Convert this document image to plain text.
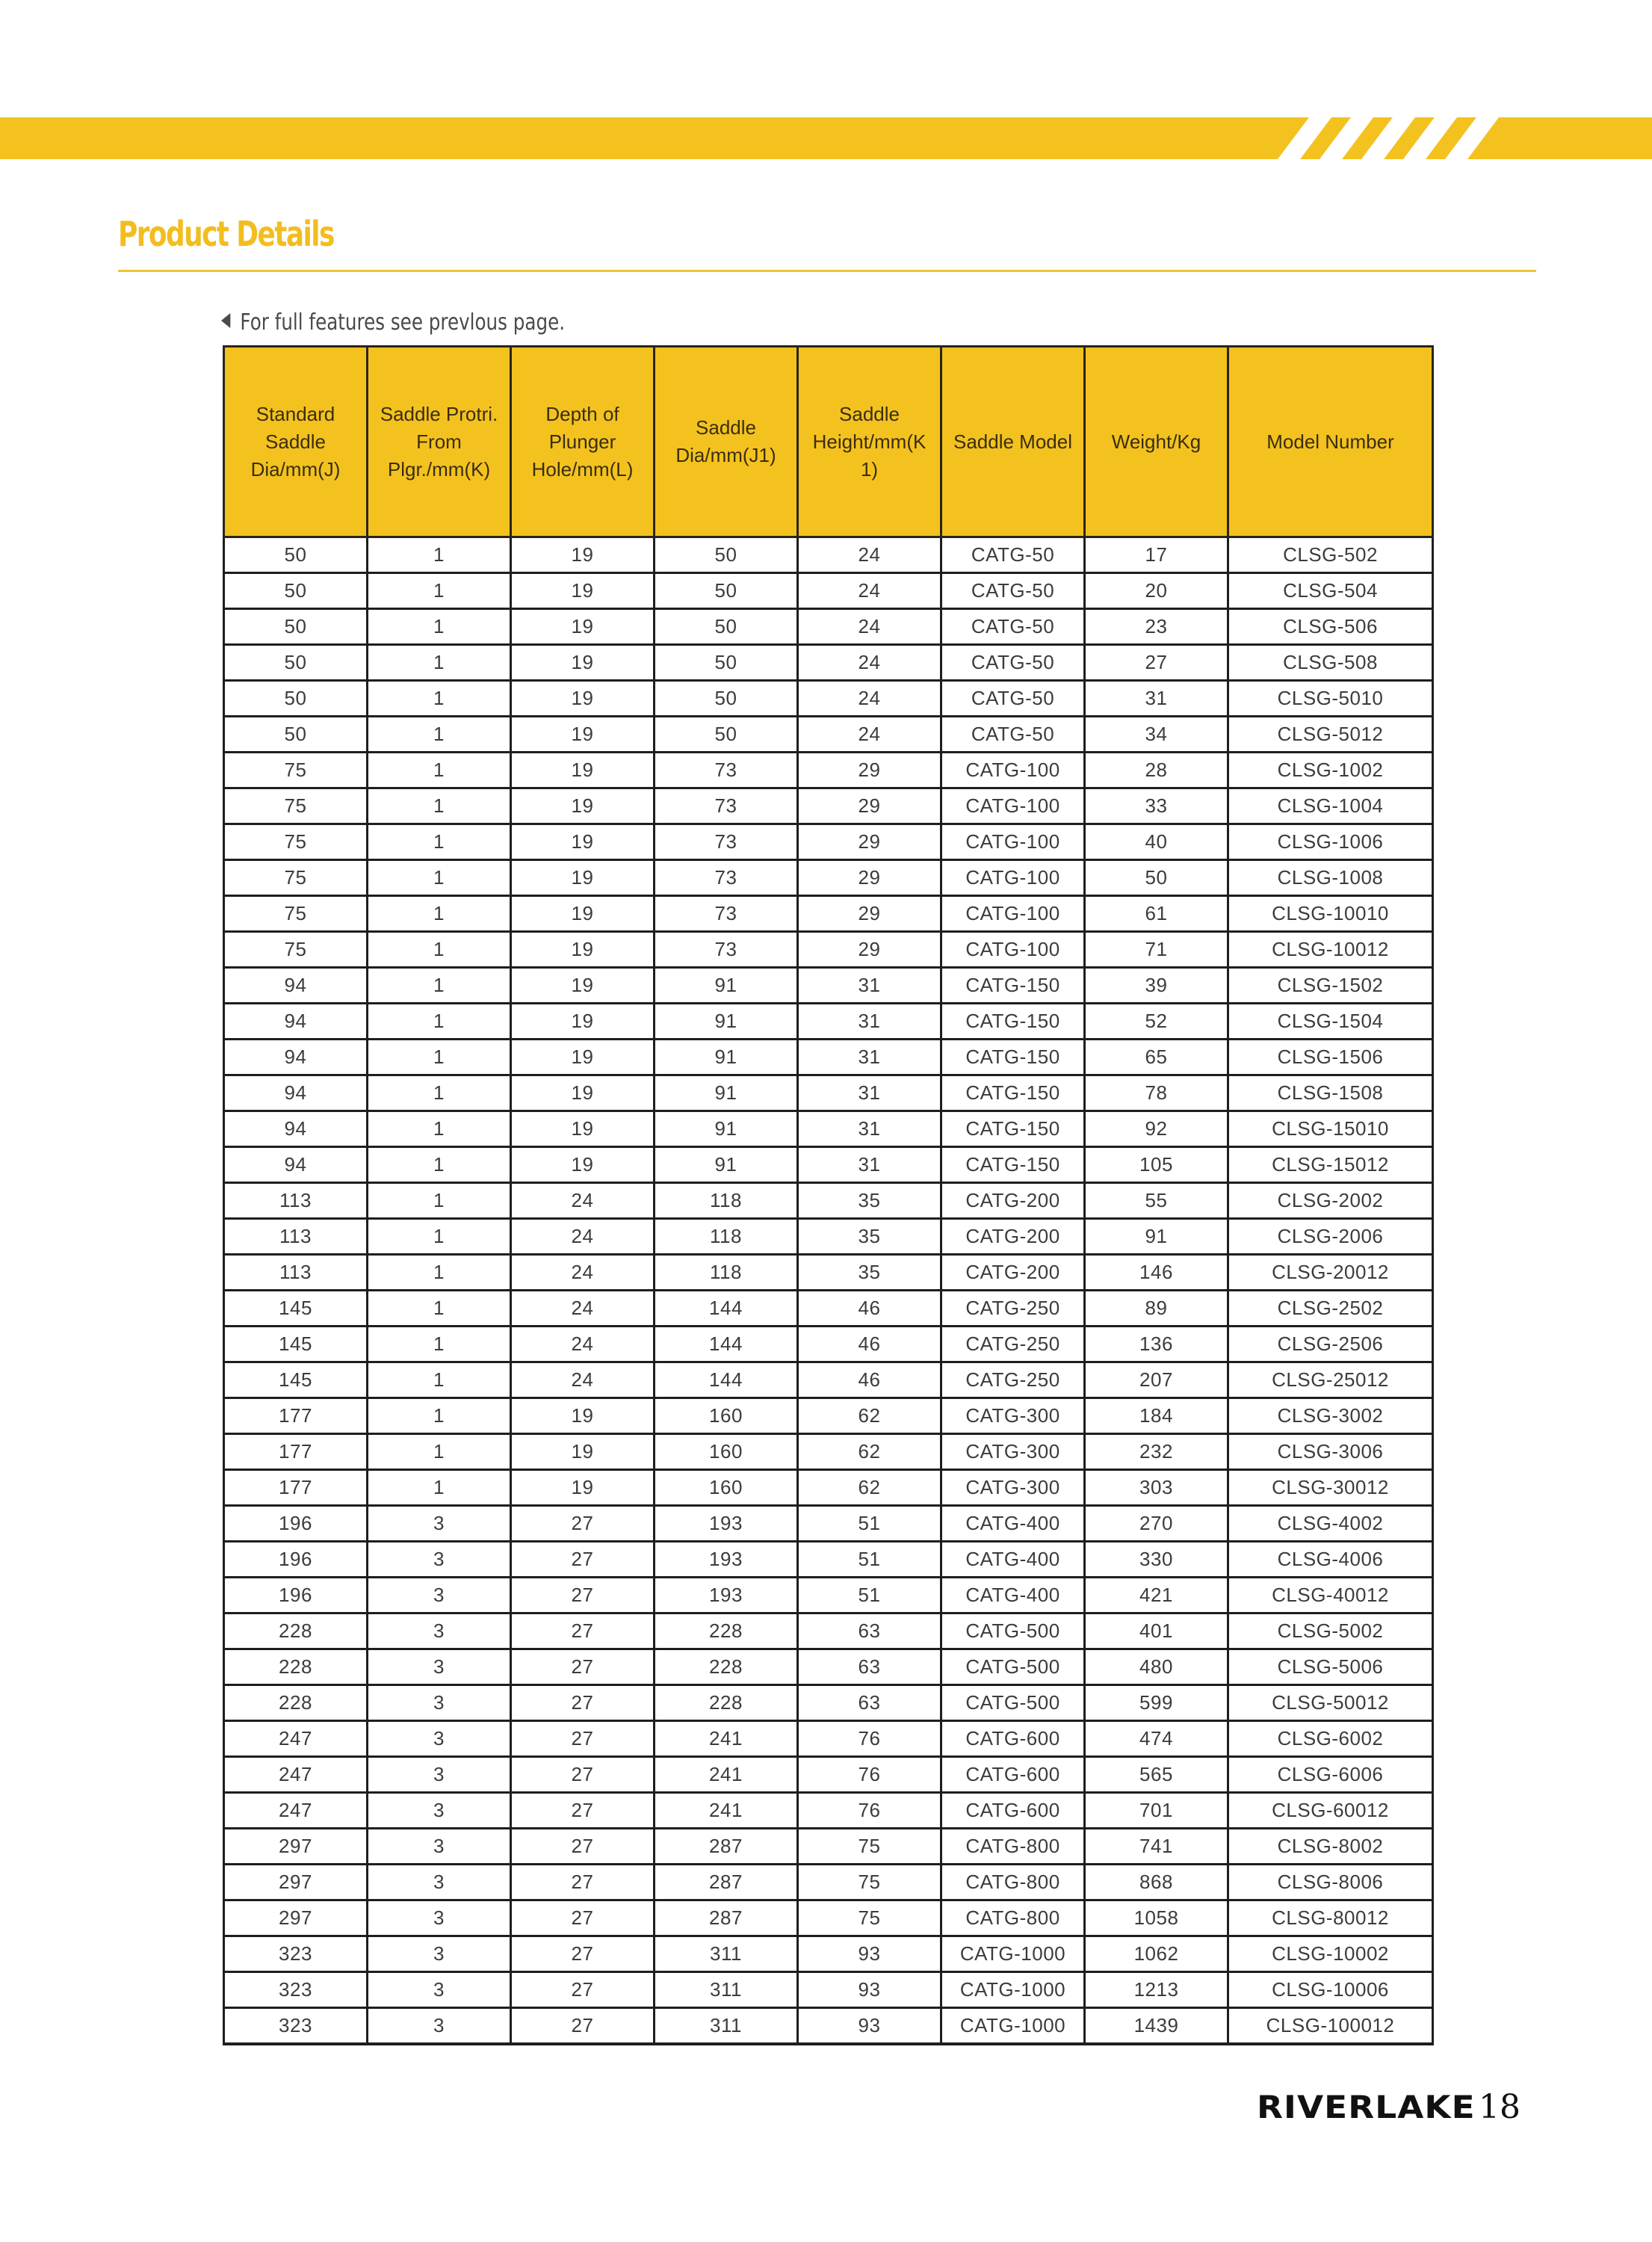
Product Details
For full features see prevlous page.
Standard Saddle Dia/mm(J)	Saddle Protri. From Plgr./mm(K)	Depth of Plunger Hole/mm(L)	Saddle Dia/mm(J1)	Saddle Height/mm(K 1)	Saddle Model	Weight/Kg	Model Number
50	1	19	50	24	CATG-50	17	CLSG-502
50	1	19	50	24	CATG-50	20	CLSG-504
50	1	19	50	24	CATG-50	23	CLSG-506
50	1	19	50	24	CATG-50	27	CLSG-508
50	1	19	50	24	CATG-50	31	CLSG-5010
50	1	19	50	24	CATG-50	34	CLSG-5012
75	1	19	73	29	CATG-100	28	CLSG-1002
75	1	19	73	29	CATG-100	33	CLSG-1004
75	1	19	73	29	CATG-100	40	CLSG-1006
75	1	19	73	29	CATG-100	50	CLSG-1008
75	1	19	73	29	CATG-100	61	CLSG-10010
75	1	19	73	29	CATG-100	71	CLSG-10012
94	1	19	91	31	CATG-150	39	CLSG-1502
94	1	19	91	31	CATG-150	52	CLSG-1504
94	1	19	91	31	CATG-150	65	CLSG-1506
94	1	19	91	31	CATG-150	78	CLSG-1508
94	1	19	91	31	CATG-150	92	CLSG-15010
94	1	19	91	31	CATG-150	105	CLSG-15012
113	1	24	118	35	CATG-200	55	CLSG-2002
113	1	24	118	35	CATG-200	91	CLSG-2006
113	1	24	118	35	CATG-200	146	CLSG-20012
145	1	24	144	46	CATG-250	89	CLSG-2502
145	1	24	144	46	CATG-250	136	CLSG-2506
145	1	24	144	46	CATG-250	207	CLSG-25012
177	1	19	160	62	CATG-300	184	CLSG-3002
177	1	19	160	62	CATG-300	232	CLSG-3006
177	1	19	160	62	CATG-300	303	CLSG-30012
196	3	27	193	51	CATG-400	270	CLSG-4002
196	3	27	193	51	CATG-400	330	CLSG-4006
196	3	27	193	51	CATG-400	421	CLSG-40012
228	3	27	228	63	CATG-500	401	CLSG-5002
228	3	27	228	63	CATG-500	480	CLSG-5006
228	3	27	228	63	CATG-500	599	CLSG-50012
247	3	27	241	76	CATG-600	474	CLSG-6002
247	3	27	241	76	CATG-600	565	CLSG-6006
247	3	27	241	76	CATG-600	701	CLSG-60012
297	3	27	287	75	CATG-800	741	CLSG-8002
297	3	27	287	75	CATG-800	868	CLSG-8006
297	3	27	287	75	CATG-800	1058	CLSG-80012
323	3	27	311	93	CATG-1000	1062	CLSG-10002
323	3	27	311	93	CATG-1000	1213	CLSG-10006
323	3	27	311	93	CATG-1000	1439	CLSG-100012
RIVERLAKE18
